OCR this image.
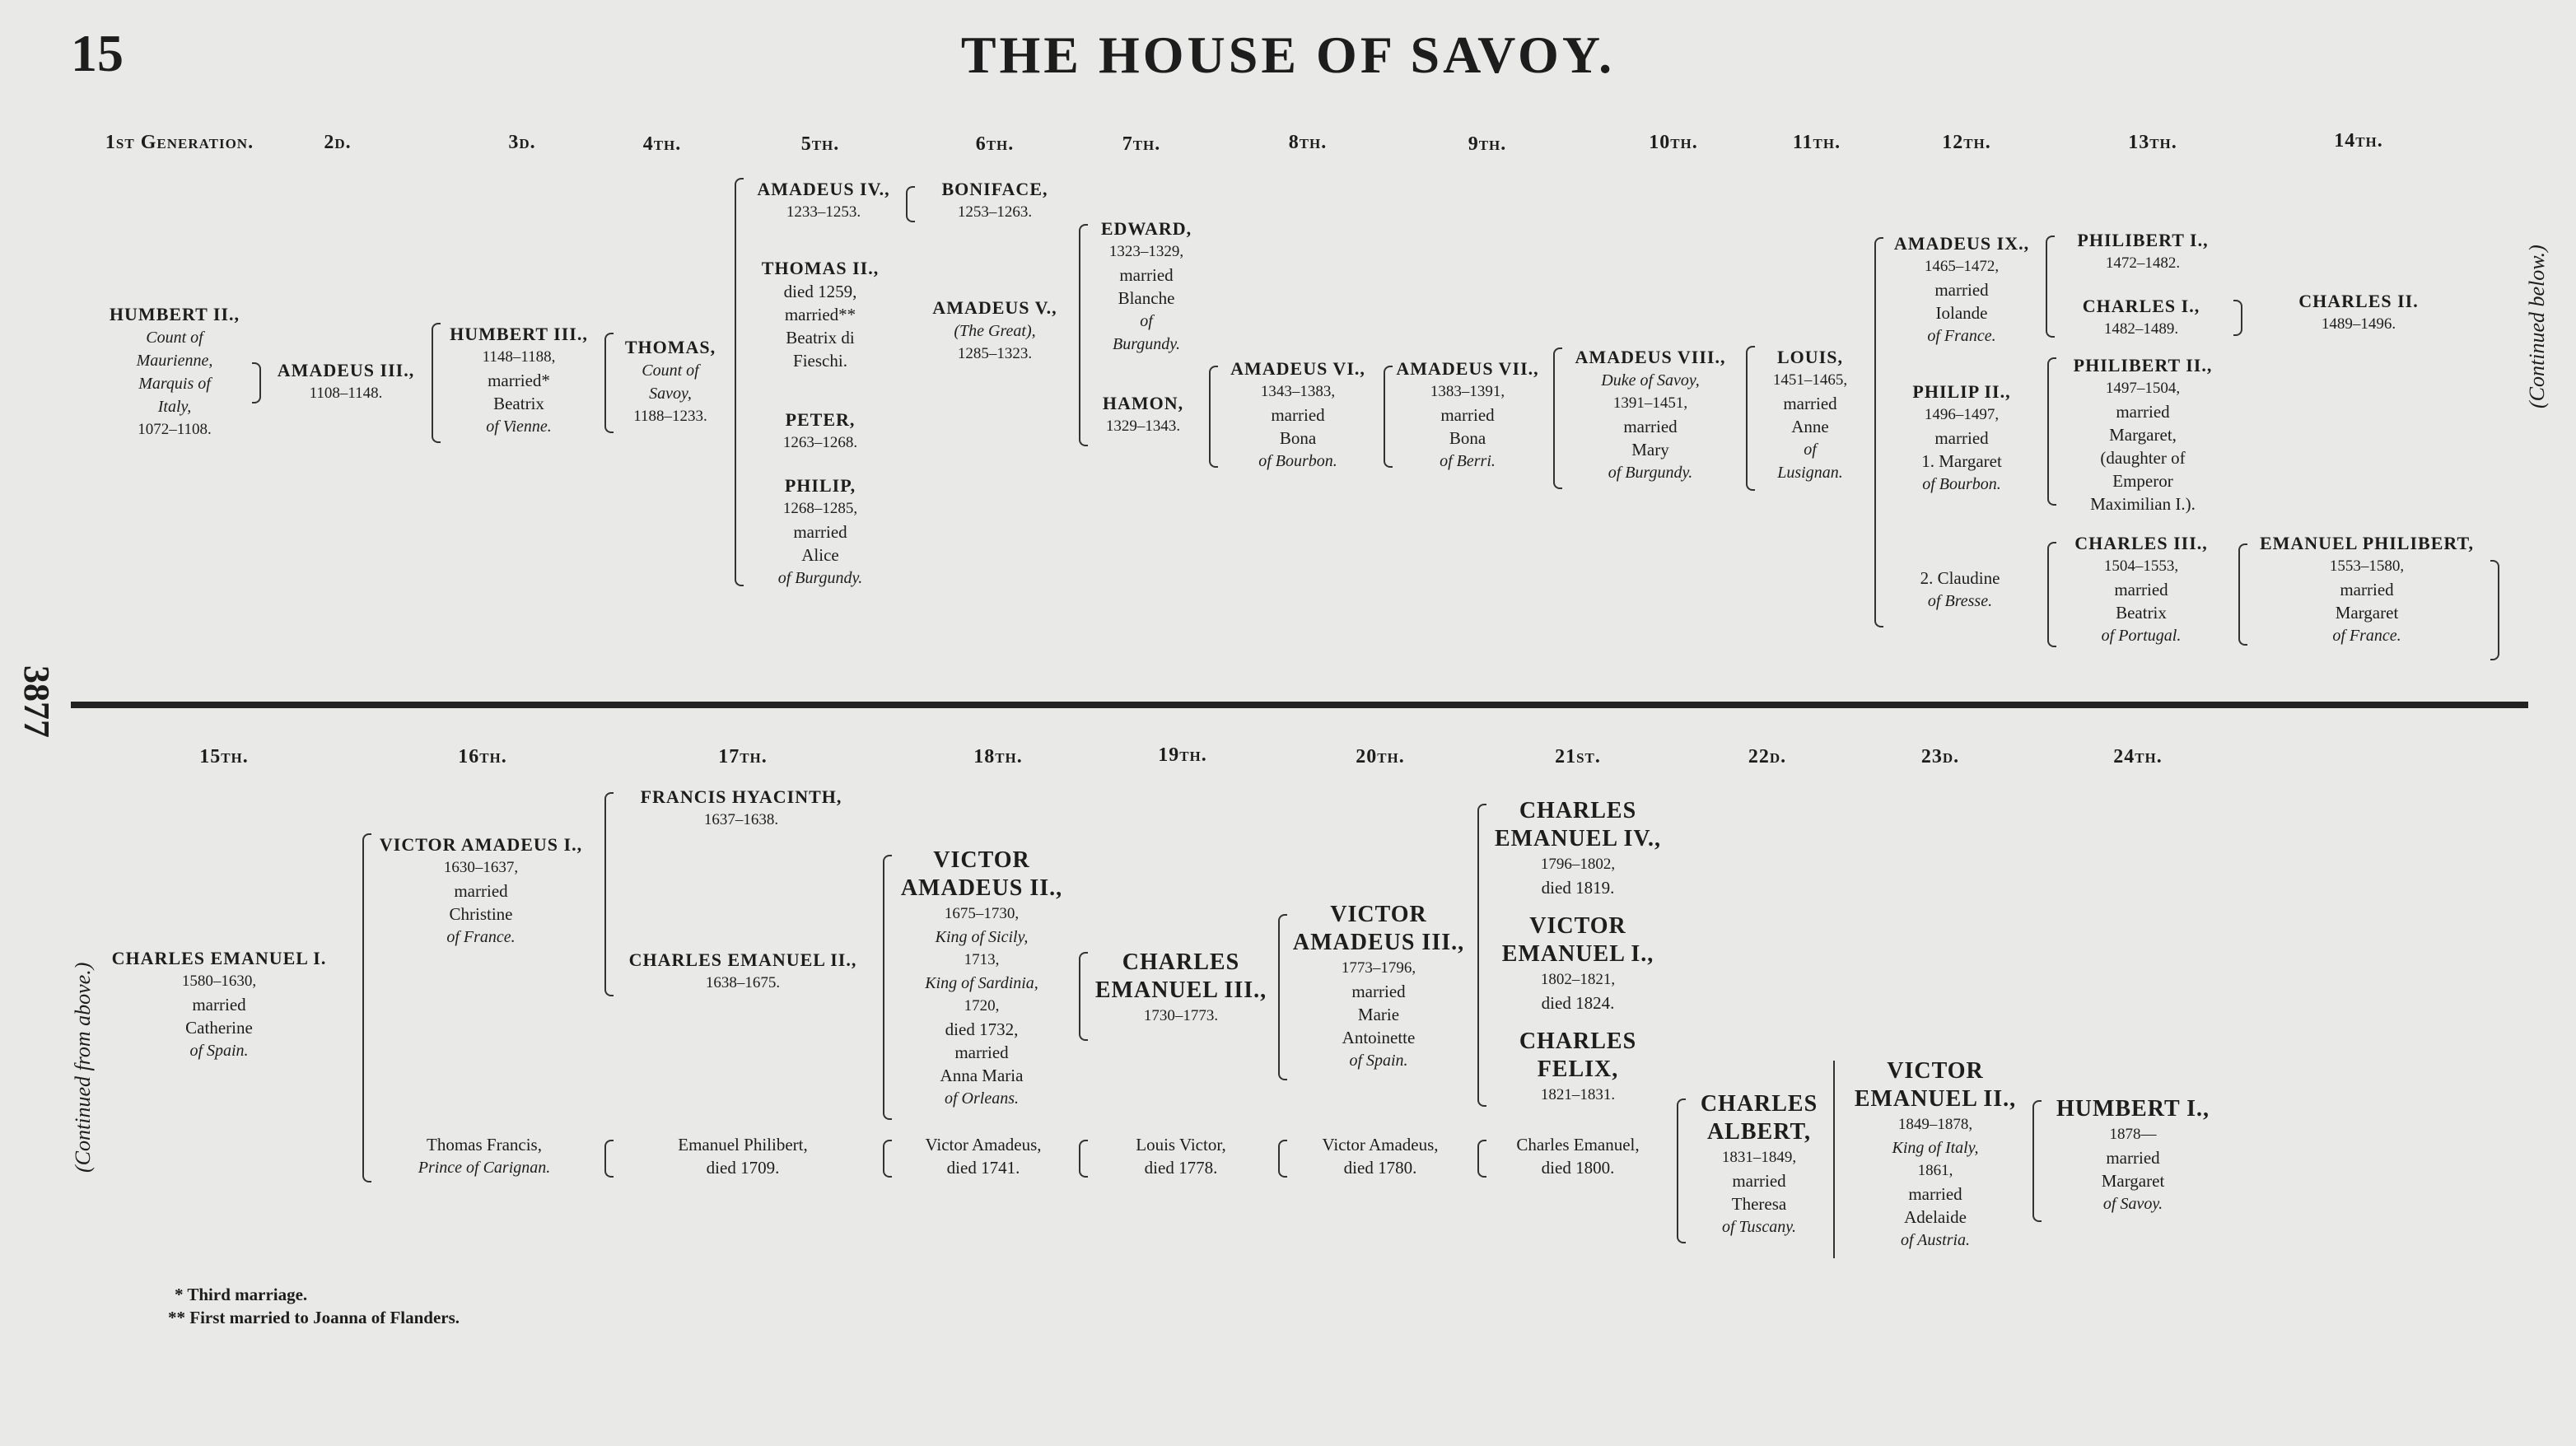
15	THE HOUSE OF SAVOY.
1st Generation.	2d.	3d.	4th.	5th.	6th.	7th.	8th.	9th.	10th.	11th.	12th.	13th.	14th.
HUMBERT II.,
Count of
Maurienne,
Marquis of
Italy,
1072–1108.
AMADEUS III.,
1108–1148.
HUMBERT III.,
1148–1188,
married*
Beatrix
of Vienne.
THOMAS,
Count of
Savoy,
1188–1233.
AMADEUS IV.,
1233–1253.
THOMAS II.,
died 1259,
married**
Beatrix di
Fieschi.
PETER,
1263–1268.
PHILIP,
1268–1285,
married
Alice
of Burgundy.
BONIFACE,
1253–1263.
AMADEUS V.,
(The Great),
1285–1323.
EDWARD,
1323–1329,
married
Blanche
of
Burgundy.
HAMON,
1329–1343.
AMADEUS VI.,
1343–1383,
married
Bona
of Bourbon.
AMADEUS VII.,
1383–1391,
married
Bona
of Berri.
AMADEUS VIII.,
Duke of Savoy,
1391–1451,
married
Mary
of Burgundy.
LOUIS,
1451–1465,
married
Anne
of
Lusignan.
AMADEUS IX.,
1465–1472,
married
Iolande
of France.
PHILIP II.,
1496–1497,
married
1. Margaret
of Bourbon.
2. Claudine
of Bresse.
PHILIBERT I.,
1472–1482.
CHARLES I.,
1482–1489.
PHILIBERT II.,
1497–1504,
married
Margaret,
(daughter of
Emperor
Maximilian I.).
CHARLES III.,
1504–1553,
married
Beatrix
of Portugal.
CHARLES II.
1489–1496.
EMANUEL PHILIBERT,
1553–1580,
married
Margaret
of France.
(Continued below.)
3877
15th.	16th.	17th.	18th.	19th.	20th.	21st.	22d.	23d.	24th.
(Continued from above.)
CHARLES EMANUEL I.
1580–1630,
married
Catherine
of Spain.
VICTOR AMADEUS I.,
1630–1637,
married
Christine
of France.
Thomas Francis,
Prince of Carignan.
FRANCIS HYACINTH,
1637–1638.
CHARLES EMANUEL II.,
1638–1675.
Emanuel Philibert,
died 1709.
VICTOR
AMADEUS II.,
1675–1730,
King of Sicily,
1713,
King of Sardinia,
1720,
died 1732,
married
Anna Maria
of Orleans.
Victor Amadeus,
died 1741.
CHARLES
EMANUEL III.,
1730–1773.
Louis Victor,
died 1778.
VICTOR
AMADEUS III.,
1773–1796,
married
Marie
Antoinette
of Spain.
Victor Amadeus,
died 1780.
CHARLES
EMANUEL IV.,
1796–1802,
died 1819.
VICTOR
EMANUEL I.,
1802–1821,
died 1824.
CHARLES
FELIX,
1821–1831.
Charles Emanuel,
died 1800.
CHARLES
ALBERT,
1831–1849,
married
Theresa
of Tuscany.
VICTOR
EMANUEL II.,
1849–1878,
King of Italy,
1861,
married
Adelaide
of Austria.
HUMBERT I.,
1878—
married
Margaret
of Savoy.
* Third marriage.
** First married to Joanna of Flanders.
